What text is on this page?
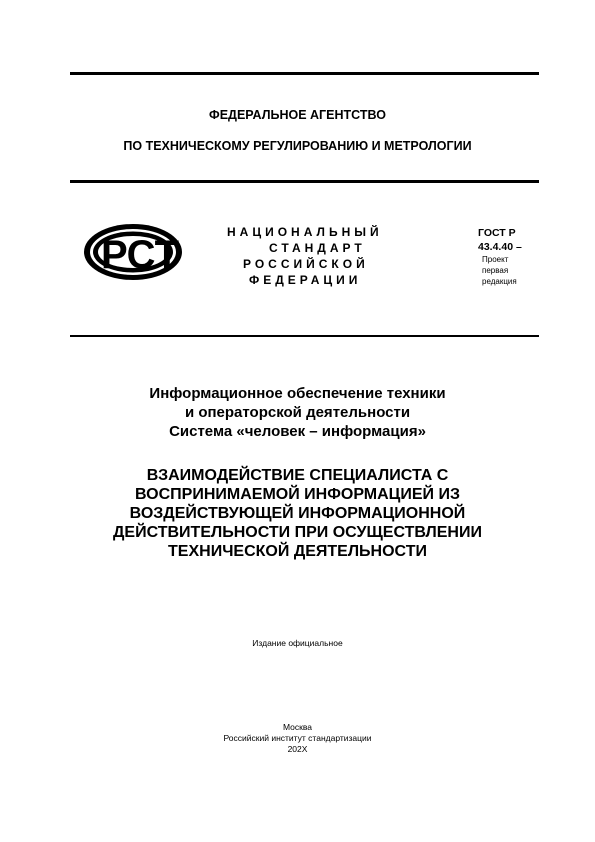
ФЕДЕРАЛЬНОЕ АГЕНТСТВО
ПО ТЕХНИЧЕСКОМУ РЕГУЛИРОВАНИЮ И МЕТРОЛОГИИ
РСТ
НАЦИОНАЛЬНЫЙ
СТАНДАРТ
РОССИЙСКОЙ
ФЕДЕРАЦИИ
ГОСТ Р
43.4.40 –
Проект
первая
редакция
Информационное обеспечение техники
и операторской деятельности
Система «человек – информация»
ВЗАИМОДЕЙСТВИЕ СПЕЦИАЛИСТА С
ВОСПРИНИМАЕМОЙ ИНФОРМАЦИЕЙ ИЗ
ВОЗДЕЙСТВУЮЩЕЙ ИНФОРМАЦИОННОЙ
ДЕЙСТВИТЕЛЬНОСТИ ПРИ ОСУЩЕСТВЛЕНИИ
ТЕХНИЧЕСКОЙ ДЕЯТЕЛЬНОСТИ
Издание официальное
Москва
Российский институт стандартизации
202Х
